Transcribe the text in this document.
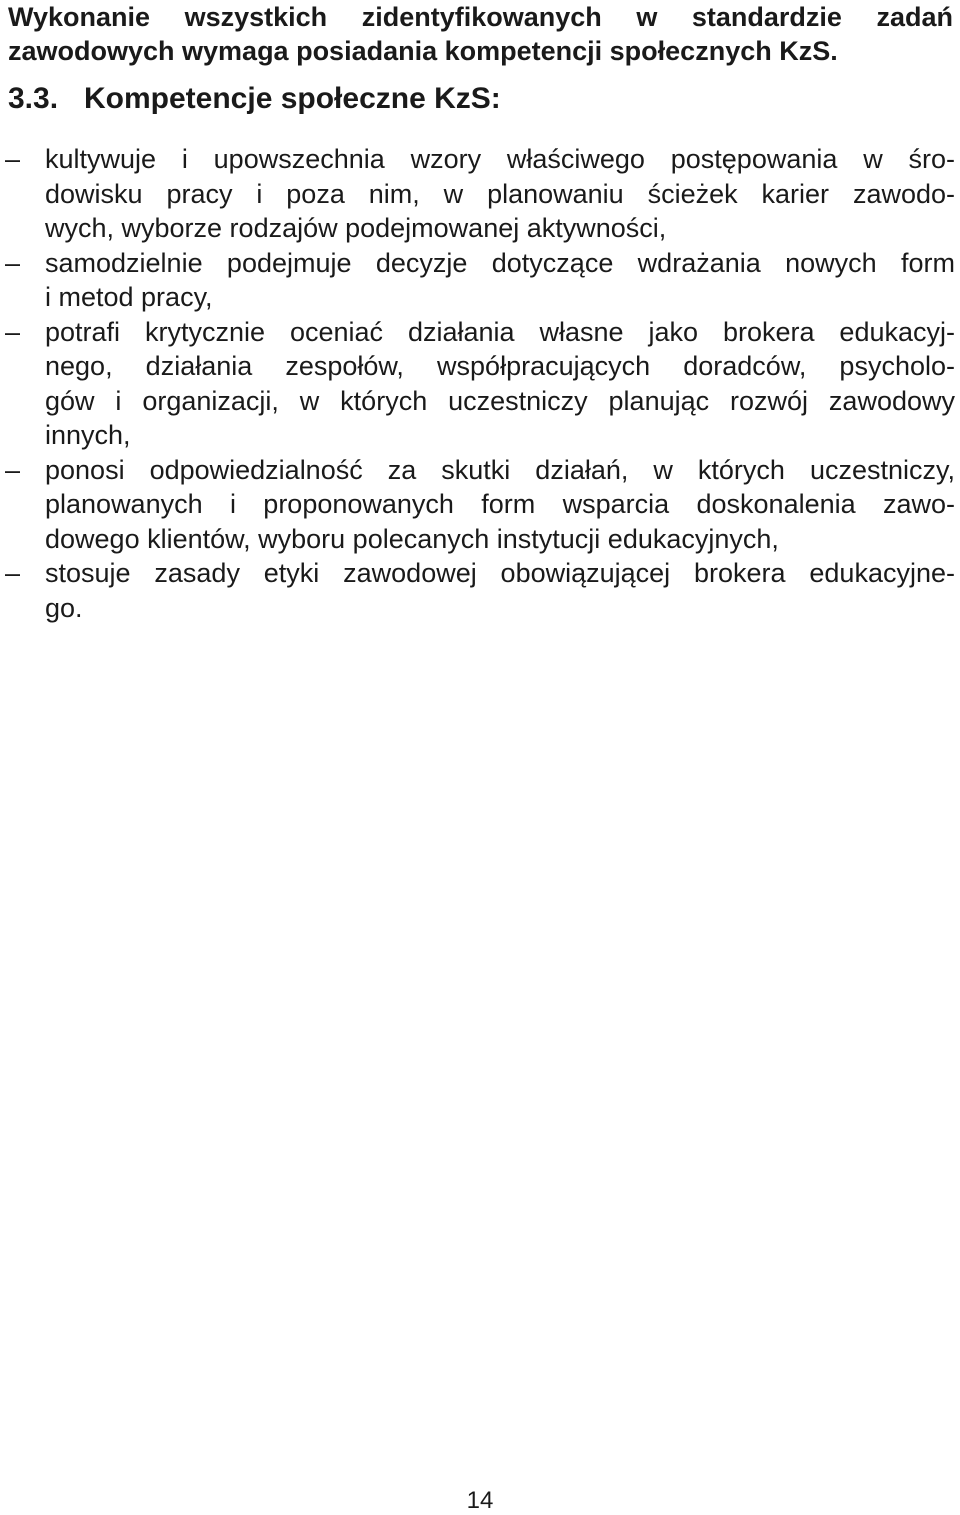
Wykonanie wszystkich zidentyfikowanych w standardzie zadań
zawodowych wymaga posiadania kompetencji społecznych KzS.
3.3. Kompetencje społeczne KzS:
– kultywuje i upowszechnia wzory właściwego postępowania w śro-
dowisku pracy i poza nim, w planowaniu ścieżek karier zawodo-
wych, wyborze rodzajów podejmowanej aktywności,
– samodzielnie podejmuje decyzje dotyczące wdrażania nowych form
i metod pracy,
– potrafi krytycznie oceniać działania własne jako brokera edukacyj-
nego, działania zespołów, współpracujących doradców, psycholo-
gów i organizacji, w których uczestniczy planując rozwój zawodowy
innych,
– ponosi odpowiedzialność za skutki działań, w których uczestniczy,
planowanych i proponowanych form wsparcia doskonalenia zawo-
dowego klientów, wyboru polecanych instytucji edukacyjnych,
– stosuje zasady etyki zawodowej obowiązującej brokera edukacyjne-
go.
14
